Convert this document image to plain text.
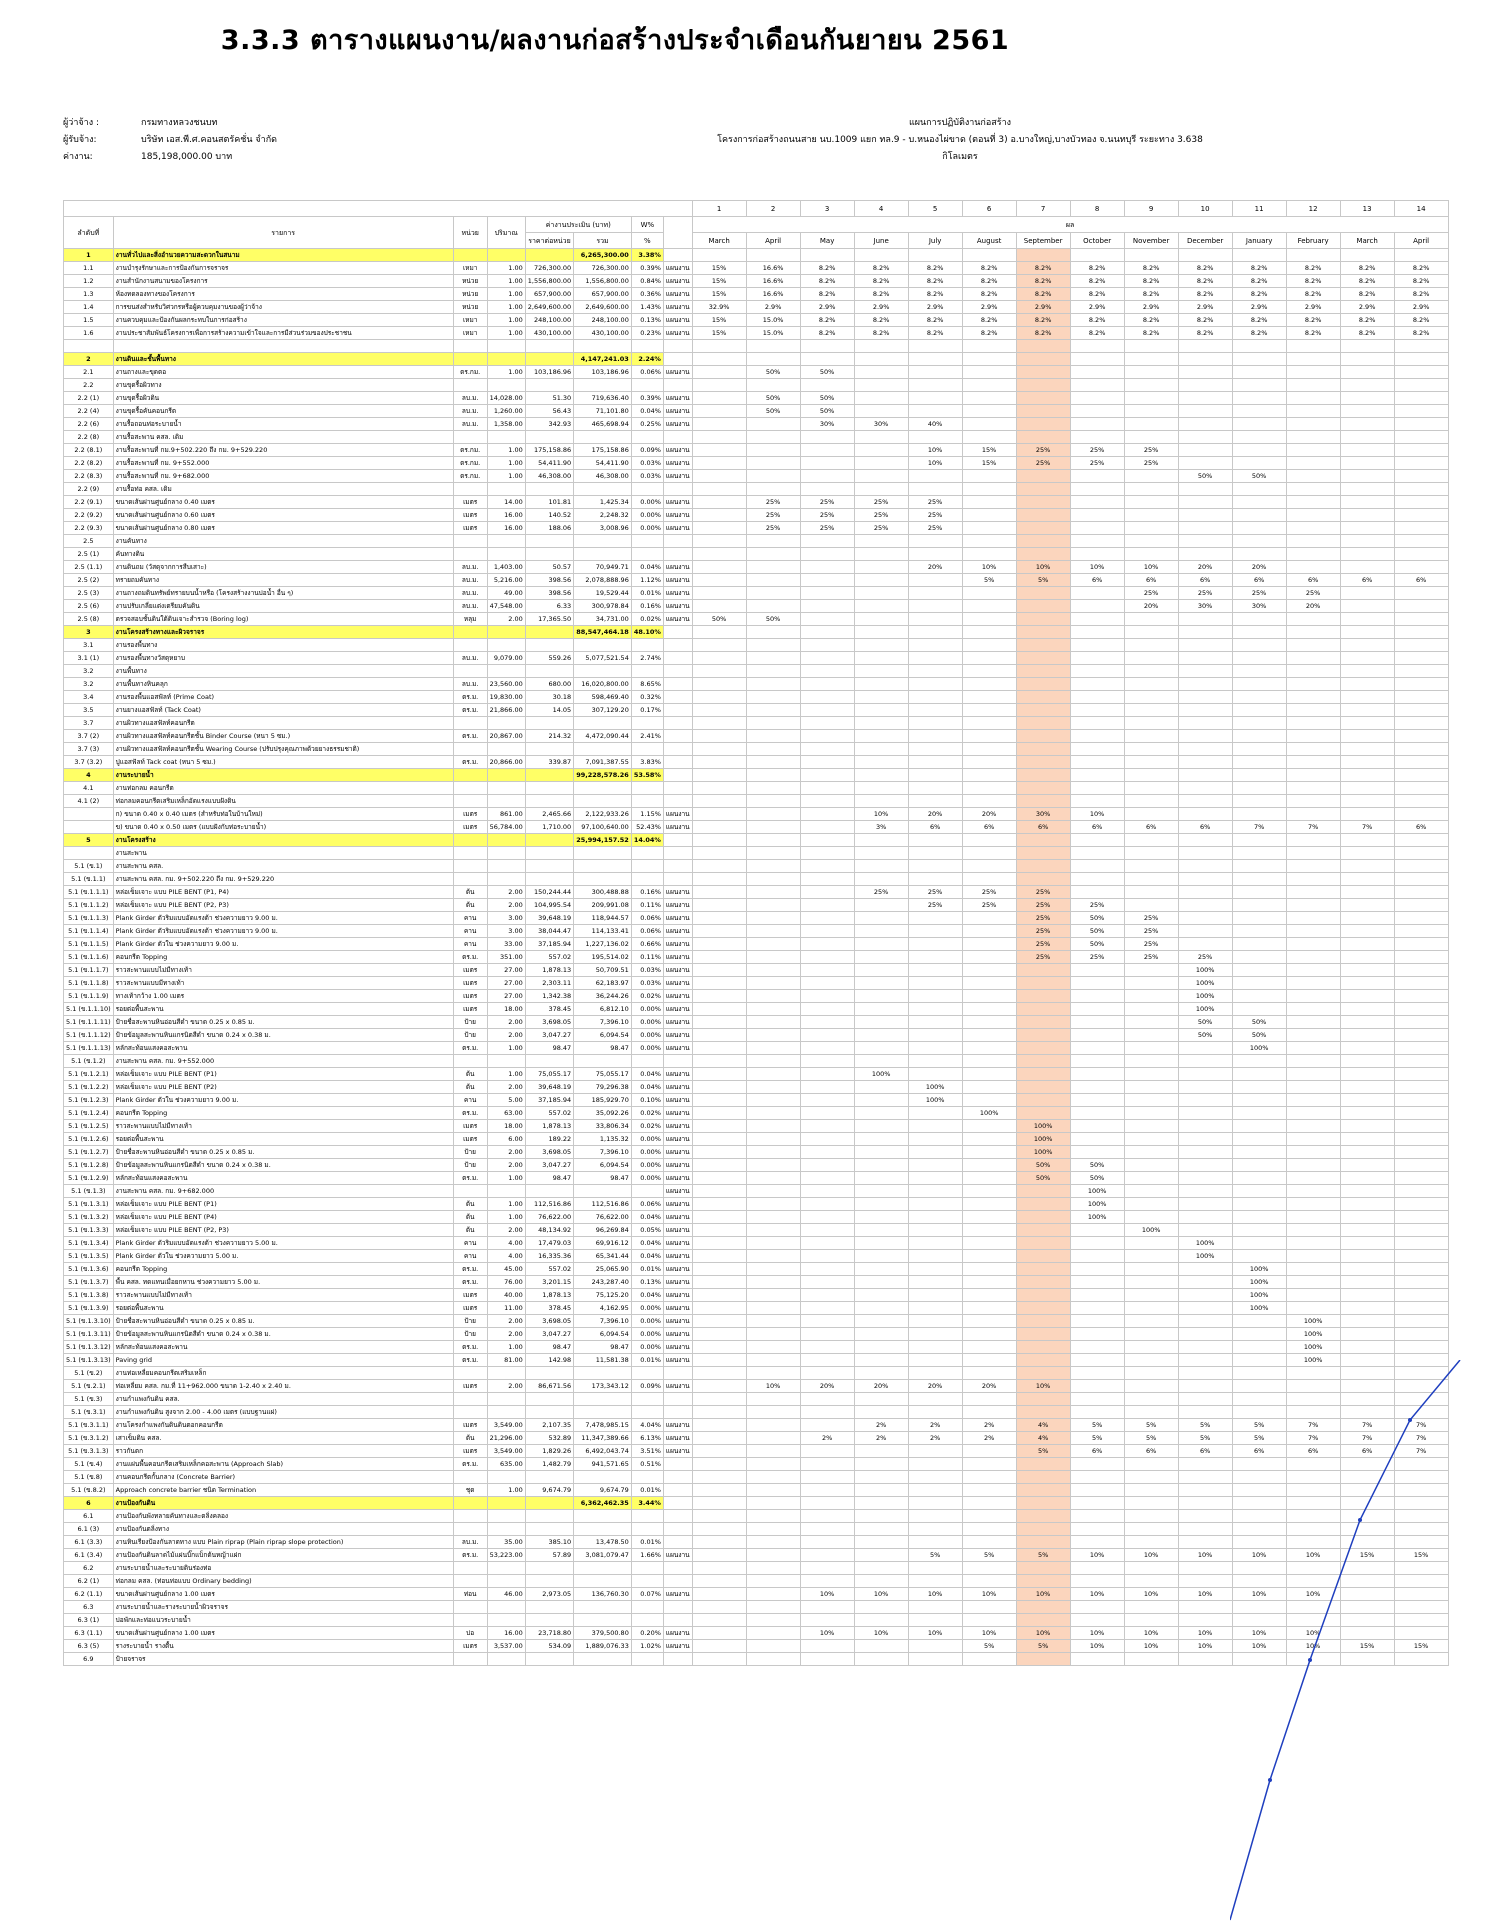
3.3.3 ตารางแผนงาน/ผลงานก่อสร้างประจำเดือนกันยายน 2561
ผู้ว่าจ้าง :	กรมทางหลวงชนบท
ผู้รับจ้าง:	บริษัท เอส.พี.ศ.คอนสตรัคชั่น จำกัด
ค่างาน:	185,198,000.00 บาท
แผนการปฏิบัติงานก่อสร้าง
โครงการก่อสร้างถนนสาย นบ.1009 แยก ทล.9 - บ.หนองไผ่ขาด (ตอนที่ 3) อ.บางใหญ่,บางบัวทอง จ.นนทบุรี ระยะทาง 3.638 กิโลเมตร
								1	2	3	4	5	6	7	8	9	10	11	12	13	14
ลำดับที่	รายการ	หน่วย	ปริมาณ	ค่างานประเมิน (บาท)		W%		ผล													
				ราคาต่อหน่วย	รวม	%		March	April	May	June	July	August	September	October	November	December	January	February	March	April
1	งานทั่วไปและสิ่งอำนวยความสะดวกในสนาม				6,265,300.00	3.38%															
1.1	งานบำรุงรักษาและการป้องกันการจราจร	เหมา	1.00	726,300.00	726,300.00	0.39%	แผนงาน	15%	16.6%	8.2%	8.2%	8.2%	8.2%	8.2%	8.2%	8.2%	8.2%	8.2%	8.2%	8.2%	8.2%
1.2	งานสำนักงานสนามของโครงการ	หน่วย	1.00	1,556,800.00	1,556,800.00	0.84%	แผนงาน	15%	16.6%	8.2%	8.2%	8.2%	8.2%	8.2%	8.2%	8.2%	8.2%	8.2%	8.2%	8.2%	8.2%
1.3	ห้องทดลองทางของโครงการ	หน่วย	1.00	657,900.00	657,900.00	0.36%	แผนงาน	15%	16.6%	8.2%	8.2%	8.2%	8.2%	8.2%	8.2%	8.2%	8.2%	8.2%	8.2%	8.2%	8.2%
1.4	การขนส่งสำหรับวิศวกรหรือผู้ควบคุมงานของผู้ว่าจ้าง	หน่วย	1.00	2,649,600.00	2,649,600.00	1.43%	แผนงาน	32.9%	2.9%	2.9%	2.9%	2.9%	2.9%	2.9%	2.9%	2.9%	2.9%	2.9%	2.9%	2.9%	2.9%
1.5	งานควบคุมและป้องกันผลกระทบในการก่อสร้าง	เหมา	1.00	248,100.00	248,100.00	0.13%	แผนงาน	15%	15.0%	8.2%	8.2%	8.2%	8.2%	8.2%	8.2%	8.2%	8.2%	8.2%	8.2%	8.2%	8.2%
1.6	งานประชาสัมพันธ์โครงการเพื่อการสร้างความเข้าใจและการมีส่วนร่วมของประชาชน	เหมา	1.00	430,100.00	430,100.00	0.23%	แผนงาน	15%	15.0%	8.2%	8.2%	8.2%	8.2%	8.2%	8.2%	8.2%	8.2%	8.2%	8.2%	8.2%	8.2%

2	งานดินและชั้นพื้นทาง				4,147,241.03	2.24%															
2.1	งานถางและขุดตอ	ตร.กม.	1.00	103,186.96	103,186.96	0.06%	แผนงาน		50%	50%											
2.2	งานขุดรื้อผิวทาง																				
2.2 (1)	งานขุดรื้อผิวดิน	ลบ.ม.	14,028.00	51.30	719,636.40	0.39%	แผนงาน		50%	50%											
2.2 (4)	งานขุดรื้อคันคอนกรีต	ลบ.ม.	1,260.00	56.43	71,101.80	0.04%	แผนงาน		50%	50%											
2.2 (6)	งานรื้อถอนท่อระบายน้ำ	ลบ.ม.	1,358.00	342.93	465,698.94	0.25%	แผนงาน			30%	30%	40%									
2.2 (8)	งานรื้อสะพาน คสล. เดิม																				
2.2 (8.1)	งานรื้อสะพานที่ กม.9+502.220 ถึง กม. 9+529.220	ตร.กม.	1.00	175,158.86	175,158.86	0.09%	แผนงาน					10%	15%	25%	25%	25%					
2.2 (8.2)	งานรื้อสะพานที่ กม. 9+552.000	ตร.กม.	1.00	54,411.90	54,411.90	0.03%	แผนงาน					10%	15%	25%	25%	25%					
2.2 (8.3)	งานรื้อสะพานที่ กม. 9+682.000	ตร.กม.	1.00	46,308.00	46,308.00	0.03%	แผนงาน										50%	50%			
2.2 (9)	งานรื้อท่อ คสล. เดิม																				
2.2 (9.1)	ขนาดเส้นผ่านศูนย์กลาง 0.40 เมตร	เมตร	14.00	101.81	1,425.34	0.00%	แผนงาน		25%	25%	25%	25%									
2.2 (9.2)	ขนาดเส้นผ่านศูนย์กลาง 0.60 เมตร	เมตร	16.00	140.52	2,248.32	0.00%	แผนงาน		25%	25%	25%	25%									
2.2 (9.3)	ขนาดเส้นผ่านศูนย์กลาง 0.80 เมตร	เมตร	16.00	188.06	3,008.96	0.00%	แผนงาน		25%	25%	25%	25%									
2.5	งานคันทาง																				
2.5 (1)	คันทางดิน																				
2.5 (1.1)	งานดินถม (วัสดุจากการสืบเสาะ)	ลบ.ม.	1,403.00	50.57	70,949.71	0.04%	แผนงาน					20%	10%	10%	10%	10%	20%	20%			
2.5 (2)	ทรายถมคันทาง	ลบ.ม.	5,216.00	398.56	2,078,888.96	1.12%	แผนงาน						5%	5%	6%	6%	6%	6%	6%	6%	6%
2.5 (3)	งานถางถมดินทรัพย์ทรายบนน้ำหรือ (โครงสร้างงานบ่อน้ำ อื่น ๆ)	ลบ.ม.	49.00	398.56	19,529.44	0.01%	แผนงาน									25%	25%	25%	25%		
2.5 (6)	งานปรับเกลี่ยแต่งเตรียมคันดิน	ลบ.ม.	47,548.00	6.33	300,978.84	0.16%	แผนงาน									20%	30%	30%	20%		
2.5 (8)	ตรวจสอบชั้นดินใต้ดินเจาะสำรวจ (Boring log)	หลุม	2.00	17,365.50	34,731.00	0.02%	แผนงาน	50%	50%												
3	งานโครงสร้างทางและผิวจราจร				88,547,464.18	48.10%															
3.1	งานรองพื้นทาง																				
3.1 (1)	งานรองพื้นทางวัสดุหยาบ	ลบ.ม.	9,079.00	559.26	5,077,521.54	2.74%															
3.2	งานพื้นทาง																				
3.2	งานพื้นทางหินคลุก	ลบ.ม.	23,560.00	680.00	16,020,800.00	8.65%															
3.4	งานรองพื้นแอสฟัลท์ (Prime Coat)	ตร.ม.	19,830.00	30.18	598,469.40	0.32%															
3.5	งานยางแอสฟัลท์ (Tack Coat)	ตร.ม.	21,866.00	14.05	307,129.20	0.17%															
3.7	งานผิวทางแอสฟัลท์คอนกรีต																				
3.7 (2)	งานผิวทางแอสฟัลท์คอนกรีตชั้น Binder Course (หนา 5 ซม.)	ตร.ม.	20,867.00	214.32	4,472,090.44	2.41%															
3.7 (3)	งานผิวทางแอสฟัลท์คอนกรีตชั้น Wearing Course (ปรับปรุงคุณภาพด้วยยางธรรมชาติ)																				
3.7 (3.2)	ปูแอสฟัลท์ Tack coat (หนา 5 ซม.)	ตร.ม.	20,866.00	339.87	7,091,387.55	3.83%															
4	งานระบายน้ำ				99,228,578.26	53.58%															
4.1	งานท่อกลม คอนกรีต																				
4.1 (2)	ท่อกลมคอนกรีตเสริมเหล็กอัดแรงแบบฝังดิน																				
	ก) ขนาด 0.40 x 0.40 เมตร (สำหรับท่อในบ้านใหม่)	เมตร	861.00	2,465.66	2,122,933.26	1.15%	แผนงาน				10%	20%	20%	30%	10%						
	ข) ขนาด 0.40 x 0.50 เมตร (แบบฝังกับท่อระบายน้ำ)	เมตร	56,784.00	1,710.00	97,100,640.00	52.43%	แผนงาน				3%	6%	6%	6%	6%	6%	6%	7%	7%	7%	6%
5	งานโครงสร้าง				25,994,157.52	14.04%															
	งานสะพาน																				
5.1 (ข.1)	งานสะพาน คสล.																				
5.1 (ข.1.1)	งานสะพาน คสล. กม. 9+502.220 ถึง กม. 9+529.220																				
5.1 (ข.1.1.1)	หล่อเข็มเจาะ แบบ PILE BENT (P1, P4)	ต้น	2.00	150,244.44	300,488.88	0.16%	แผนงาน				25%	25%	25%	25%							
5.1 (ข.1.1.2)	หล่อเข็มเจาะ แบบ PILE BENT (P2, P3)	ต้น	2.00	104,995.54	209,991.08	0.11%	แผนงาน					25%	25%	25%	25%						
5.1 (ข.1.1.3)	Plank Girder ตัวริมแบบอัดแรงต้า ช่วงความยาว 9.00 ม.	คาน	3.00	39,648.19	118,944.57	0.06%	แผนงาน							25%	50%	25%					
5.1 (ข.1.1.4)	Plank Girder ตัวริมแบบอัดแรงต้า ช่วงความยาว 9.00 ม.	คาน	3.00	38,044.47	114,133.41	0.06%	แผนงาน							25%	50%	25%					
5.1 (ข.1.1.5)	Plank Girder ตัวใน ช่วงความยาว 9.00 ม.	คาน	33.00	37,185.94	1,227,136.02	0.66%	แผนงาน							25%	50%	25%					
5.1 (ข.1.1.6)	คอนกรีต Topping	ตร.ม.	351.00	557.02	195,514.02	0.11%	แผนงาน							25%	25%	25%	25%				
5.1 (ข.1.1.7)	ราวสะพานแบบไม่มีทางเท้า	เมตร	27.00	1,878.13	50,709.51	0.03%	แผนงาน										100%				
5.1 (ข.1.1.8)	ราวสะพานแบบมีทางเท้า	เมตร	27.00	2,303.11	62,183.97	0.03%	แผนงาน										100%				
5.1 (ข.1.1.9)	ทางเท้ากว้าง 1.00 เมตร	เมตร	27.00	1,342.38	36,244.26	0.02%	แผนงาน										100%				
5.1 (ข.1.1.10)	รอยต่อพื้นสะพาน	เมตร	18.00	378.45	6,812.10	0.00%	แผนงาน										100%				
5.1 (ข.1.1.11)	ป้ายชื่อสะพานหินอ่อนสีดำ ขนาด 0.25 x 0.85 ม.	ป้าย	2.00	3,698.05	7,396.10	0.00%	แผนงาน										50%	50%			
5.1 (ข.1.1.12)	ป้ายข้อมูลสะพานหินแกรนิตสีดำ ขนาด 0.24 x 0.38 ม.	ป้าย	2.00	3,047.27	6,094.54	0.00%	แผนงาน										50%	50%			
5.1 (ข.1.1.13)	หลักสะท้อนแสงคอสะพาน	ตร.ม.	1.00	98.47	98.47	0.00%	แผนงาน											100%			
5.1 (ข.1.2)	งานสะพาน คสล. กม. 9+552.000																				
5.1 (ข.1.2.1)	หล่อเข็มเจาะ แบบ PILE BENT (P1)	ต้น	1.00	75,055.17	75,055.17	0.04%	แผนงาน				100%										
5.1 (ข.1.2.2)	หล่อเข็มเจาะ แบบ PILE BENT (P2)	ต้น	2.00	39,648.19	79,296.38	0.04%	แผนงาน					100%									
5.1 (ข.1.2.3)	Plank Girder ตัวใน ช่วงความยาว 9.00 ม.	คาน	5.00	37,185.94	185,929.70	0.10%	แผนงาน					100%									
5.1 (ข.1.2.4)	คอนกรีต Topping	ตร.ม.	63.00	557.02	35,092.26	0.02%	แผนงาน						100%								
5.1 (ข.1.2.5)	ราวสะพานแบบไม่มีทางเท้า	เมตร	18.00	1,878.13	33,806.34	0.02%	แผนงาน							100%							
5.1 (ข.1.2.6)	รอยต่อพื้นสะพาน	เมตร	6.00	189.22	1,135.32	0.00%	แผนงาน							100%							
5.1 (ข.1.2.7)	ป้ายชื่อสะพานหินอ่อนสีดำ ขนาด 0.25 x 0.85 ม.	ป้าย	2.00	3,698.05	7,396.10	0.00%	แผนงาน							100%							
5.1 (ข.1.2.8)	ป้ายข้อมูลสะพานหินแกรนิตสีดำ ขนาด 0.24 x 0.38 ม.	ป้าย	2.00	3,047.27	6,094.54	0.00%	แผนงาน							50%	50%						
5.1 (ข.1.2.9)	หลักสะท้อนแสงคอสะพาน	ตร.ม.	1.00	98.47	98.47	0.00%	แผนงาน							50%	50%						
5.1 (ข.1.3)	งานสะพาน คสล. กม. 9+682.000						แผนงาน								100%						
5.1 (ข.1.3.1)	หล่อเข็มเจาะ แบบ PILE BENT (P1)	ต้น	1.00	112,516.86	112,516.86	0.06%	แผนงาน								100%						
5.1 (ข.1.3.2)	หล่อเข็มเจาะ แบบ PILE BENT (P4)	ต้น	1.00	76,622.00	76,622.00	0.04%	แผนงาน								100%						
5.1 (ข.1.3.3)	หล่อเข็มเจาะ แบบ PILE BENT (P2, P3)	ต้น	2.00	48,134.92	96,269.84	0.05%	แผนงาน									100%					
5.1 (ข.1.3.4)	Plank Girder ตัวริมแบบอัดแรงต้า ช่วงความยาว 5.00 ม.	คาน	4.00	17,479.03	69,916.12	0.04%	แผนงาน										100%				
5.1 (ข.1.3.5)	Plank Girder ตัวใน ช่วงความยาว 5.00 ม.	คาน	4.00	16,335.36	65,341.44	0.04%	แผนงาน										100%				
5.1 (ข.1.3.6)	คอนกรีต Topping	ตร.ม.	45.00	557.02	25,065.90	0.01%	แผนงาน											100%			
5.1 (ข.1.3.7)	พื้น คสล. ทดแทนเมื่อยกหาน ช่วงความยาว 5.00 ม.	ตร.ม.	76.00	3,201.15	243,287.40	0.13%	แผนงาน											100%			
5.1 (ข.1.3.8)	ราวสะพานแบบไม่มีทางเท้า	เมตร	40.00	1,878.13	75,125.20	0.04%	แผนงาน											100%			
5.1 (ข.1.3.9)	รอยต่อพื้นสะพาน	เมตร	11.00	378.45	4,162.95	0.00%	แผนงาน											100%			
5.1 (ข.1.3.10)	ป้ายชื่อสะพานหินอ่อนสีดำ ขนาด 0.25 x 0.85 ม.	ป้าย	2.00	3,698.05	7,396.10	0.00%	แผนงาน												100%		
5.1 (ข.1.3.11)	ป้ายข้อมูลสะพานหินแกรนิตสีดำ ขนาด 0.24 x 0.38 ม.	ป้าย	2.00	3,047.27	6,094.54	0.00%	แผนงาน												100%		
5.1 (ข.1.3.12)	หลักสะท้อนแสงคอสะพาน	ตร.ม.	1.00	98.47	98.47	0.00%	แผนงาน												100%		
5.1 (ข.1.3.13)	Paving grid	ตร.ม.	81.00	142.98	11,581.38	0.01%	แผนงาน												100%		
5.1 (ข.2)	งานท่อเหลี่ยมคอนกรีตเสริมเหล็ก																				
5.1 (ข.2.1)	ท่อเหลี่ยม คสล. กม.ที่ 11+962.000 ขนาด 1-2.40 x 2.40 ม.	เมตร	2.00	86,671.56	173,343.12	0.09%	แผนงาน		10%	20%	20%	20%	20%	10%							
5.1 (ข.3)	งานกำแพงกันดิน คสล.																				
5.1 (ข.3.1)	งานกำแพงกันดิน สูงจาก 2.00 - 4.00 เมตร (แบบฐานแผ่)																				
5.1 (ข.3.1.1)	งานโครงกำแพงกันดินดินตอกคอนกรีต	เมตร	3,549.00	2,107.35	7,478,985.15	4.04%	แผนงาน				2%	2%	2%	4%	5%	5%	5%	5%	7%	7%	7%
5.1 (ข.3.1.2)	เสาเข็มดิน คสล.	ต้น	21,296.00	532.89	11,347,389.66	6.13%	แผนงาน			2%	2%	2%	2%	4%	5%	5%	5%	5%	7%	7%	7%
5.1 (ข.3.1.3)	ราวกันตก	เมตร	3,549.00	1,829.26	6,492,043.74	3.51%	แผนงาน							5%	6%	6%	6%	6%	6%	6%	7%
5.1 (ข.4)	งานแผ่นพื้นคอนกรีตเสริมเหล็กคอสะพาน (Approach Slab)	ตร.ม.	635.00	1,482.79	941,571.65	0.51%															
5.1 (ข.8)	งานคอนกรีตกั้นกลาง (Concrete Barrier)																				
5.1 (ข.8.2)	Approach concrete barrier ชนิด Termination	ชุด	1.00	9,674.79	9,674.79	0.01%															
6	งานป้องกันดิน				6,362,462.35	3.44%															
6.1	งานป้องกันพังทลายคันทางและตลิ่งคลอง																				
6.1 (3)	งานป้องกันตลิ่งทาง																				
6.1 (3.3)	งานหินเรียงป้องกันลาดทาง แบบ Plain riprap (Plain riprap slope protection)	ลบ.ม.	35.00	385.10	13,478.50	0.01%															
6.1 (3.4)	งานป้องกันดินลาดไม้แผ่นบิ๊กแบ็กต้นหญ้าแฝก	ตร.ม.	53,223.00	57.89	3,081,079.47	1.66%	แผนงาน					5%	5%	5%	10%	10%	10%	10%	10%	15%	15%
6.2	งานระบายน้ำและระบายดินร่องท่อ																				
6.2 (1)	ท่อกลม คสล. (ท่อนท่อแบบ Ordinary bedding)																				
6.2 (1.1)	ขนาดเส้นผ่านศูนย์กลาง 1.00 เมตร	ท่อน	46.00	2,973.05	136,760.30	0.07%	แผนงาน			10%	10%	10%	10%	10%	10%	10%	10%	10%	10%		
6.3	งานระบายน้ำและรางระบายน้ำผิวจราจร																				
6.3 (1)	บ่อพักและท่อแนวระบายน้ำ																				
6.3 (1.1)	ขนาดเส้นผ่านศูนย์กลาง 1.00 เมตร	บ่อ	16.00	23,718.80	379,500.80	0.20%	แผนงาน			10%	10%	10%	10%	10%	10%	10%	10%	10%	10%		
6.3 (5)	รางระบายน้ำ รางตื้น	เมตร	3,537.00	534.09	1,889,076.33	1.02%	แผนงาน						5%	5%	10%	10%	10%	10%	10%	15%	15%
6.9	ป้ายจราจร																				
